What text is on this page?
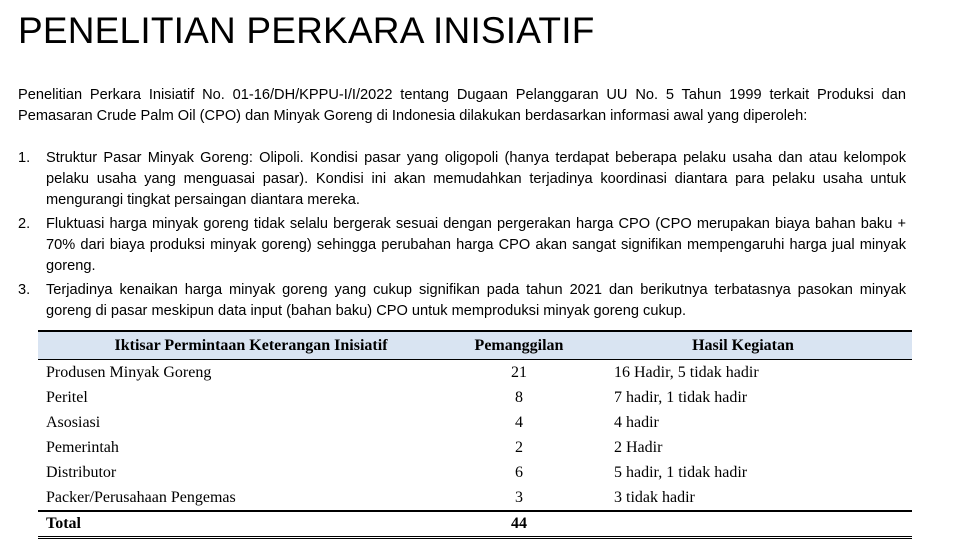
PENELITIAN PERKARA INISIATIF
Penelitian Perkara Inisiatif No. 01-16/DH/KPPU-I/I/2022 tentang Dugaan Pelanggaran UU No. 5 Tahun 1999 terkait Produksi dan Pemasaran Crude Palm Oil (CPO) dan Minyak Goreng di Indonesia dilakukan berdasarkan informasi awal yang diperoleh:
1. Struktur Pasar Minyak Goreng: Olipoli. Kondisi pasar yang oligopoli (hanya terdapat beberapa pelaku usaha dan atau kelompok pelaku usaha yang menguasai pasar). Kondisi ini akan memudahkan terjadinya koordinasi diantara para pelaku usaha untuk mengurangi tingkat persaingan diantara mereka.
2. Fluktuasi harga minyak goreng tidak selalu bergerak sesuai dengan pergerakan harga CPO (CPO merupakan biaya bahan baku + 70% dari biaya produksi minyak goreng) sehingga perubahan harga CPO akan sangat signifikan mempengaruhi harga jual minyak goreng.
3. Terjadinya kenaikan harga minyak goreng yang cukup signifikan pada tahun 2021 dan berikutnya terbatasnya pasokan minyak goreng di pasar meskipun data input (bahan baku) CPO untuk memproduksi minyak goreng cukup.
Iktisar Permintaan Keterangan Inisiatif	Pemanggilan	Hasil Kegiatan
Produsen Minyak Goreng	21	16 Hadir, 5 tidak hadir
Peritel	8	7 hadir, 1 tidak hadir
Asosiasi	4	4 hadir
Pemerintah	2	2 Hadir
Distributor	6	5 hadir, 1 tidak hadir
Packer/Perusahaan Pengemas	3	3 tidak hadir
Total	44	
